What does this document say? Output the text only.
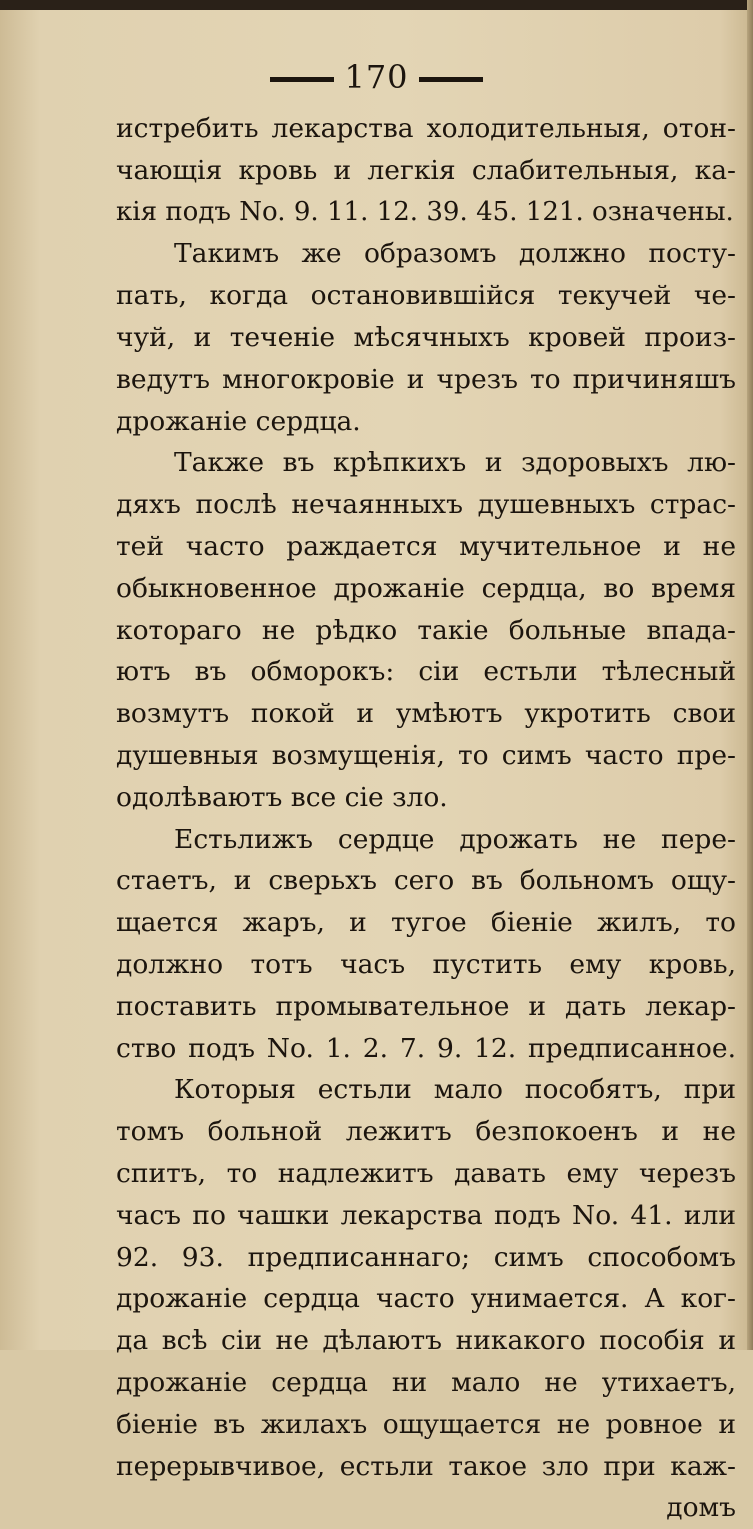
170
истребить лекарства холодительныя, отон-
чающія кровь и легкія слабительныя, ка-
кія подъ No. 9. 11. 12. 39. 45. 121. означены.
Такимъ же образомъ должно посту-
пать, когда остановившійся текучей че-
чуй, и теченіе мѣсячныхъ кровей произ-
ведутъ многокровіе и чрезъ то причиняшъ
дрожаніе сердца.
Также въ крѣпкихъ и здоровыхъ лю-
дяхъ послѣ нечаянныхъ душевныхъ страс-
тей часто раждается мучительное и не
обыкновенное дрожаніе сердца, во время
котораго не рѣдко такіе больные впада-
ютъ въ обморокъ: сіи естьли тѣлесный
возмутъ покой и умѣютъ укротить свои
душевныя возмущенія, то симъ часто пре-
одолѣваютъ все сіе зло.
Естьлижъ сердце дрожать не пере-
стаетъ, и сверьхъ сего въ больномъ ощу-
щается жаръ, и тугое біеніе жилъ, то
должно тотъ часъ пустить ему кровь,
поставить промывательное и дать лекар-
ство подъ No. 1. 2. 7. 9. 12. предписанное.
Которыя естьли мало пособятъ, при
томъ больной лежитъ безпокоенъ и не
спитъ, то надлежитъ давать ему черезъ
часъ по чашки лекарства подъ No. 41. или
92. 93. предписаннаго; симъ способомъ
дрожаніе сердца часто унимается. А ког-
да всѣ сіи не дѣлаютъ никакого пособія и
дрожаніе сердца ни мало не утихаетъ,
біеніе въ жилахъ ощущается не ровное и
перерывчивое, естьли такое зло при каж-
домъ
